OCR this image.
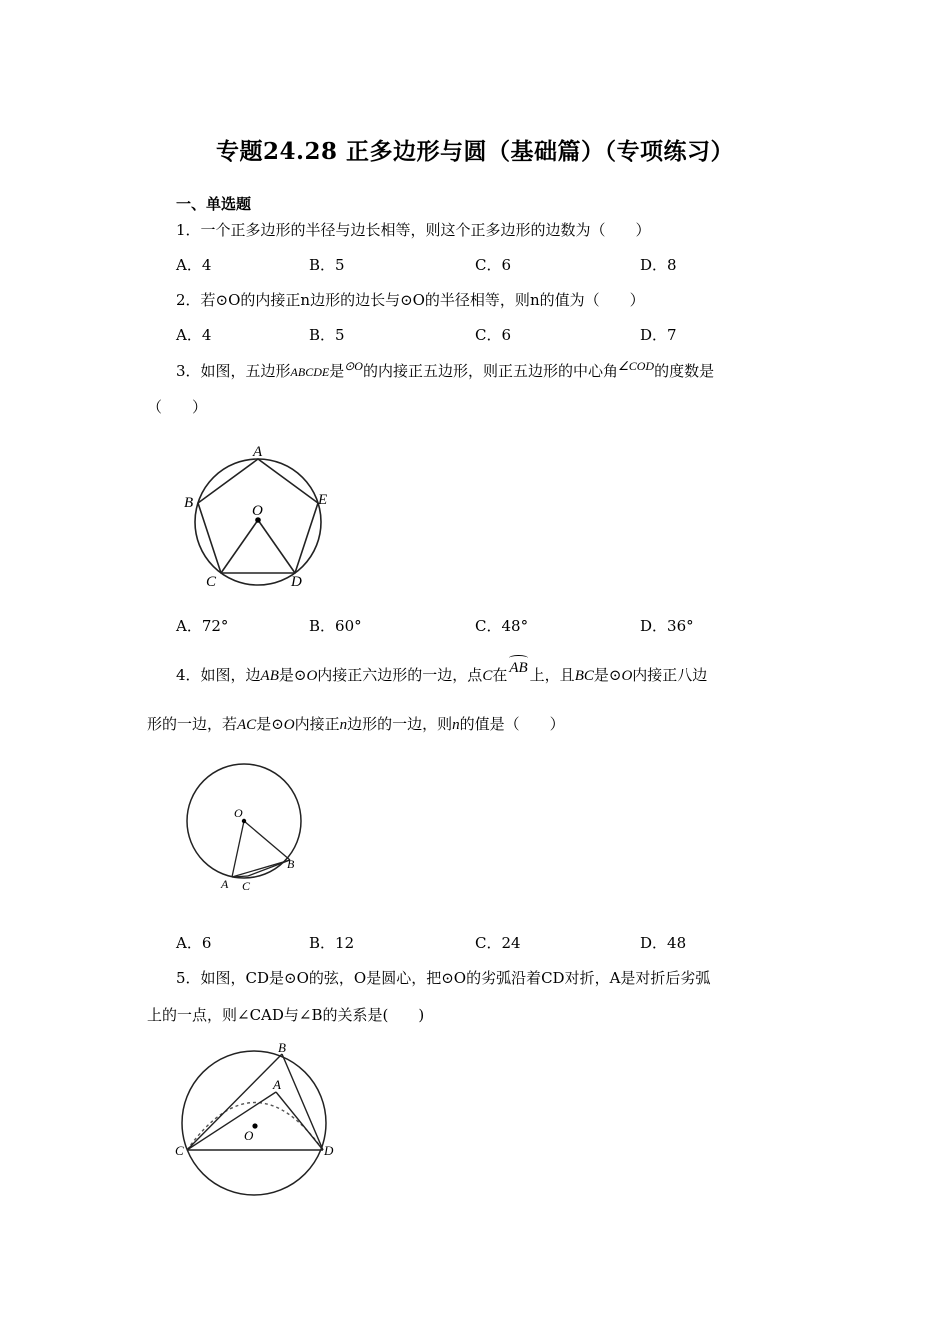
专题24.28 正多边形与圆（基础篇）（专项练习）
一、单选题
1．一个正多边形的半径与边长相等，则这个正多边形的边数为（　　）
A．4	B．5	C．6	D．8
2．若⊙O的内接正n边形的边长与⊙O的半径相等，则n的值为（　　）
A．4	B．5	C．6	D．7
3．如图，五边形ABCDE是$^{⊙O}$的内接正五边形，则正五边形的中心角$^{\angle COD}$的度数是
（　　）
A
B
C	D
E
O
A．72°	B．60°	C．48°	D．36°
4．如图，边AB是⊙O内接正六边形的一边，点C在 AB 上，且BC是⊙O内接正八边
形的一边，若AC是⊙O内接正n边形的一边，则n的值是（　　）
O
A
B
C
A．6	B．12	C．24	D．48
5．如图，CD是⊙O的弦，O是圆心，把⊙O的劣弧沿着CD对折，A是对折后劣弧
上的一点，则∠CAD与∠B的关系是(　　)
B
A
O
C	D
